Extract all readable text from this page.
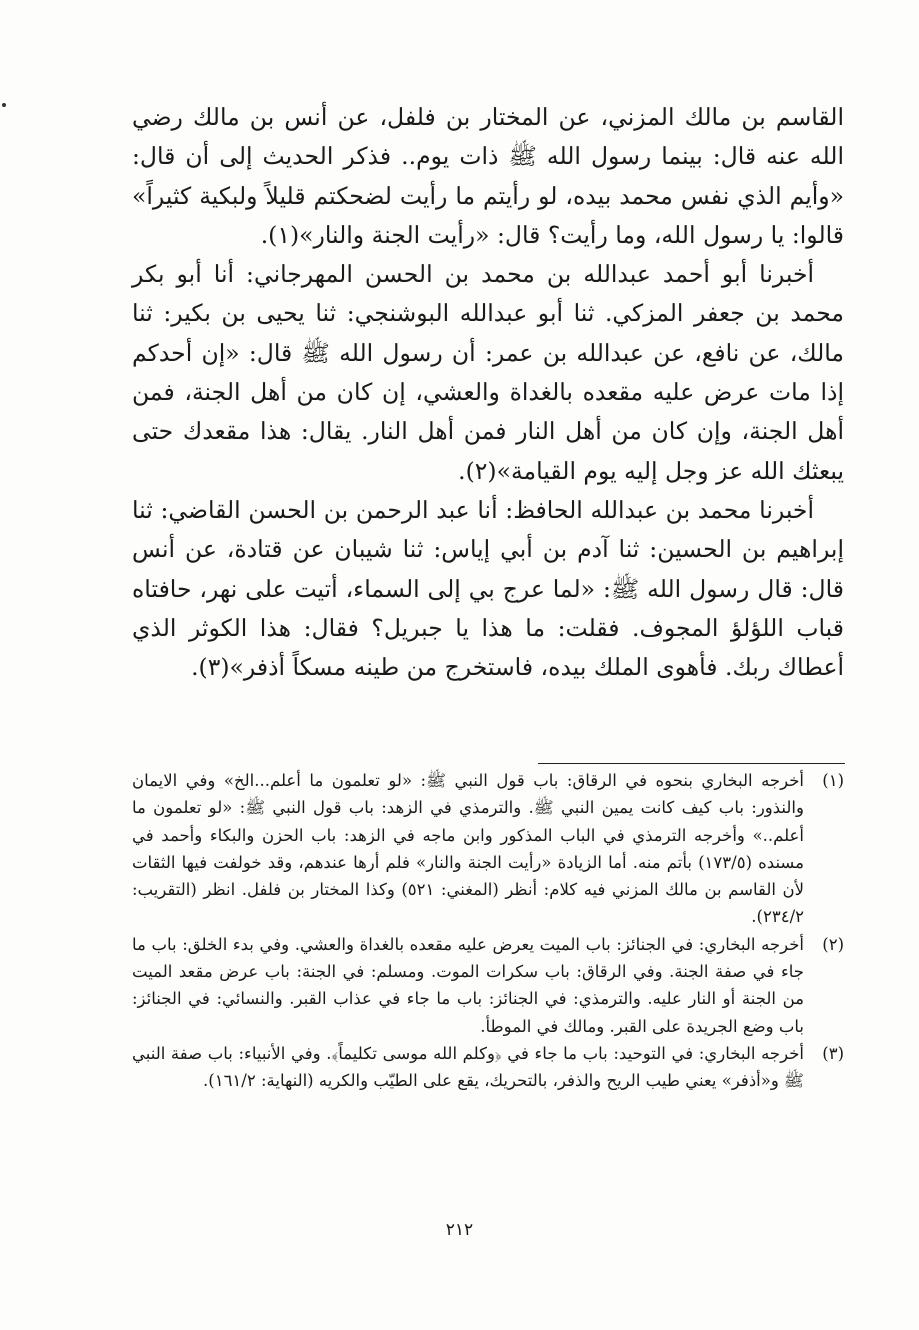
القاسم بن مالك المزني، عن المختار بن فلفل، عن أنس بن مالك رضي الله عنه قال: بينما رسول الله ﷺ ذات يوم.. فذكر الحديث إلى أن قال: «وأيم الذي نفس محمد بيده، لو رأيتم ما رأيت لضحكتم قليلاً ولبكية كثيراً» قالوا: يا رسول الله، وما رأيت؟ قال: «رأيت الجنة والنار»(١).

أخبرنا أبو أحمد عبدالله بن محمد بن الحسن المهرجاني: أنا أبو بكر محمد بن جعفر المزكي. ثنا أبو عبدالله البوشنجي: ثنا يحيى بن بكير: ثنا مالك، عن نافع، عن عبدالله بن عمر: أن رسول الله ﷺ قال: «إن أحدكم إذا مات عرض عليه مقعده بالغداة والعشي، إن كان من أهل الجنة، فمن أهل الجنة، وإن كان من أهل النار فمن أهل النار. يقال: هذا مقعدك حتى يبعثك الله عز وجل إليه يوم القيامة»(٢).

أخبرنا محمد بن عبدالله الحافظ: أنا عبد الرحمن بن الحسن القاضي: ثنا إبراهيم بن الحسين: ثنا آدم بن أبي إياس: ثنا شيبان عن قتادة، عن أنس قال: قال رسول الله ﷺ: «لما عرج بي إلى السماء، أتيت على نهر، حافتاه قباب اللؤلؤ المجوف. فقلت: ما هذا يا جبريل؟ فقال: هذا الكوثر الذي أعطاك ربك. فأهوى الملك بيده، فاستخرج من طينه مسكاً أذفر»(٣).

(١)
أخرجه البخاري بنحوه في الرقاق: باب قول النبي ﷺ: «لو تعلمون ما أعلم...الخ» وفي الايمان والنذور: باب كيف كانت يمين النبي ﷺ. والترمذي في الزهد: باب قول النبي ﷺ: «لو تعلمون ما أعلم..» وأخرجه الترمذي في الباب المذكور وابن ماجه في الزهد: باب الحزن والبكاء وأحمد في مسنده (١٧٣/٥) بأتم منه. أما الزيادة «رأيت الجنة والنار» فلم أرها عندهم، وقد خولفت فيها الثقات لأن القاسم بن مالك المزني فيه كلام: أنظر (المغني: ٥٢١) وكذا المختار بن فلفل. انظر (التقريب: ٢٣٤/٢).
(٢)
أخرجه البخاري: في الجنائز: باب الميت يعرض عليه مقعده بالغداة والعشي. وفي بدء الخلق: باب ما جاء في صفة الجنة. وفي الرقاق: باب سكرات الموت. ومسلم: في الجنة: باب عرض مقعد الميت من الجنة أو النار عليه. والترمذي: في الجنائز: باب ما جاء في عذاب القبر. والنسائي: في الجنائز: باب وضع الجريدة على القبر. ومالك في الموطأ.
(٣)
أخرجه البخاري: في التوحيد: باب ما جاء في ﴿وكلم الله موسى تكليماً﴾. وفي الأنبياء: باب صفة النبي ﷺ و«أذفر» يعني طيب الريح والذفر، بالتحريك، يقع على الطيّب والكريه (النهاية: ١٦١/٢).
٢١٢
